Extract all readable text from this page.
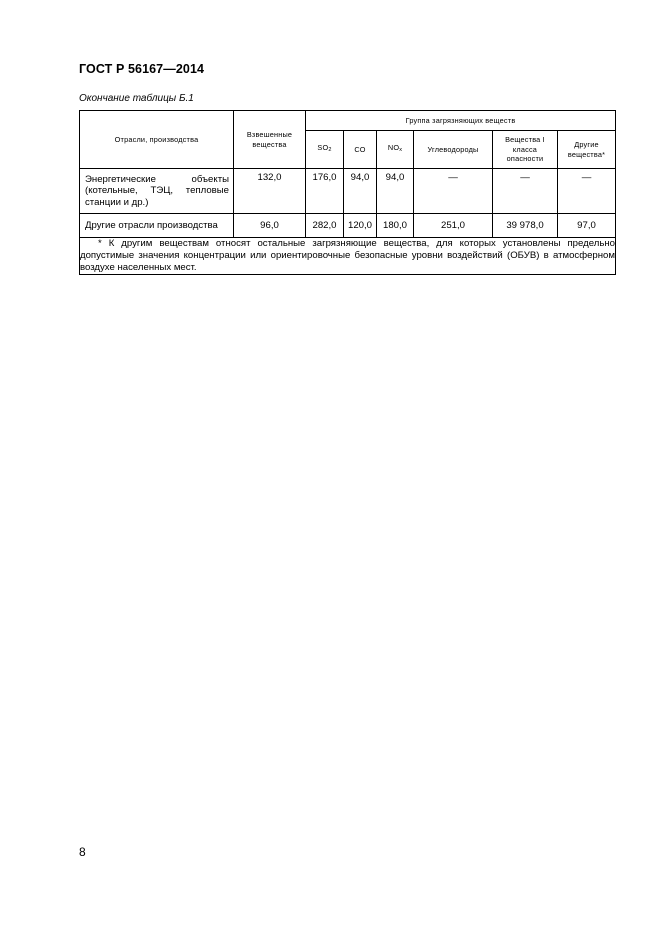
ГОСТ Р 56167—2014
Окончание таблицы Б.1
Отрасли, производства	Взвешенные вещества	Группа загрязняющих веществ					
		$SO_2$	CO	$NO_x$	Углеводороды	Вещества I класса опасности	Другие вещества*
Энергетические объекты (котельные, ТЭЦ, тепловые станции и др.)	132,0	176,0	94,0	94,0	—	—	—
Другие отрасли производства	96,0	282,0	120,0	180,0	251,0	39 978,0	97,0
* К другим веществам относят остальные загрязняющие вещества, для которых установлены предельно допустимые значения концентрации или ориентировочные безопасные уровни воздействий (ОБУВ) в атмосферном воздухе населенных мест.							
8
